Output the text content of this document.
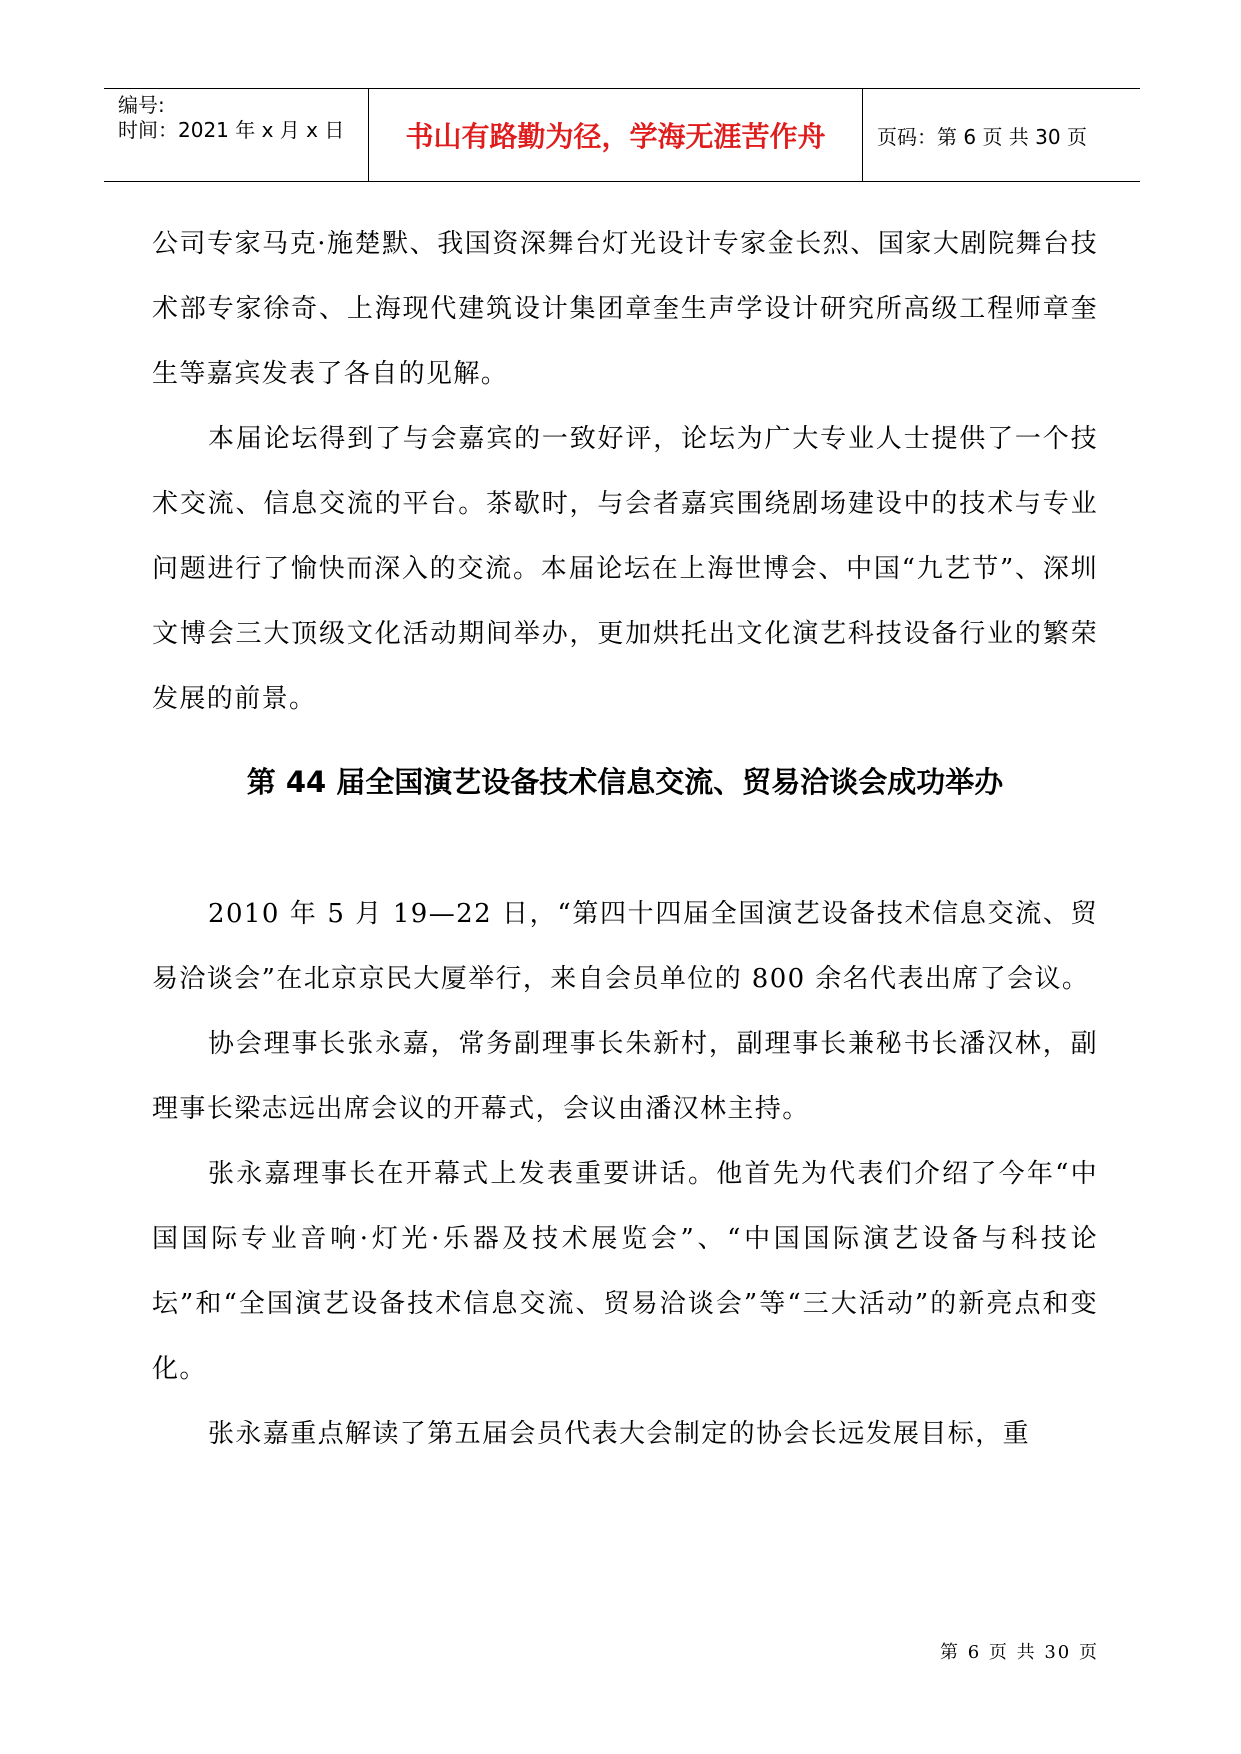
编号:
时间：2021 年 x 月 x 日	书山有路勤为径，学海无涯苦作舟	页码：第 6 页 共 30 页

公司专家马克·施楚默、我国资深舞台灯光设计专家金长烈、国家大剧院舞台技术部专家徐奇、上海现代建筑设计集团章奎生声学设计研究所高级工程师章奎生等嘉宾发表了各自的见解。

本届论坛得到了与会嘉宾的一致好评，论坛为广大专业人士提供了一个技术交流、信息交流的平台。茶歇时，与会者嘉宾围绕剧场建设中的技术与专业问题进行了愉快而深入的交流。本届论坛在上海世博会、中国“九艺节”、深圳文博会三大顶级文化活动期间举办，更加烘托出文化演艺科技设备行业的繁荣发展的前景。

第 44 届全国演艺设备技术信息交流、贸易洽谈会成功举办

2010 年 5 月 19—22 日，“第四十四届全国演艺设备技术信息交流、贸易洽谈会”在北京京民大厦举行，来自会员单位的 800 余名代表出席了会议。

协会理事长张永嘉，常务副理事长朱新村，副理事长兼秘书长潘汉林，副理事长梁志远出席会议的开幕式，会议由潘汉林主持。

张永嘉理事长在开幕式上发表重要讲话。他首先为代表们介绍了今年“中国国际专业音响·灯光·乐器及技术展览会”、“中国国际演艺设备与科技论坛”和“全国演艺设备技术信息交流、贸易洽谈会”等“三大活动”的新亮点和变化。

张永嘉重点解读了第五届会员代表大会制定的协会长远发展目标，重

第 6 页 共 30 页
